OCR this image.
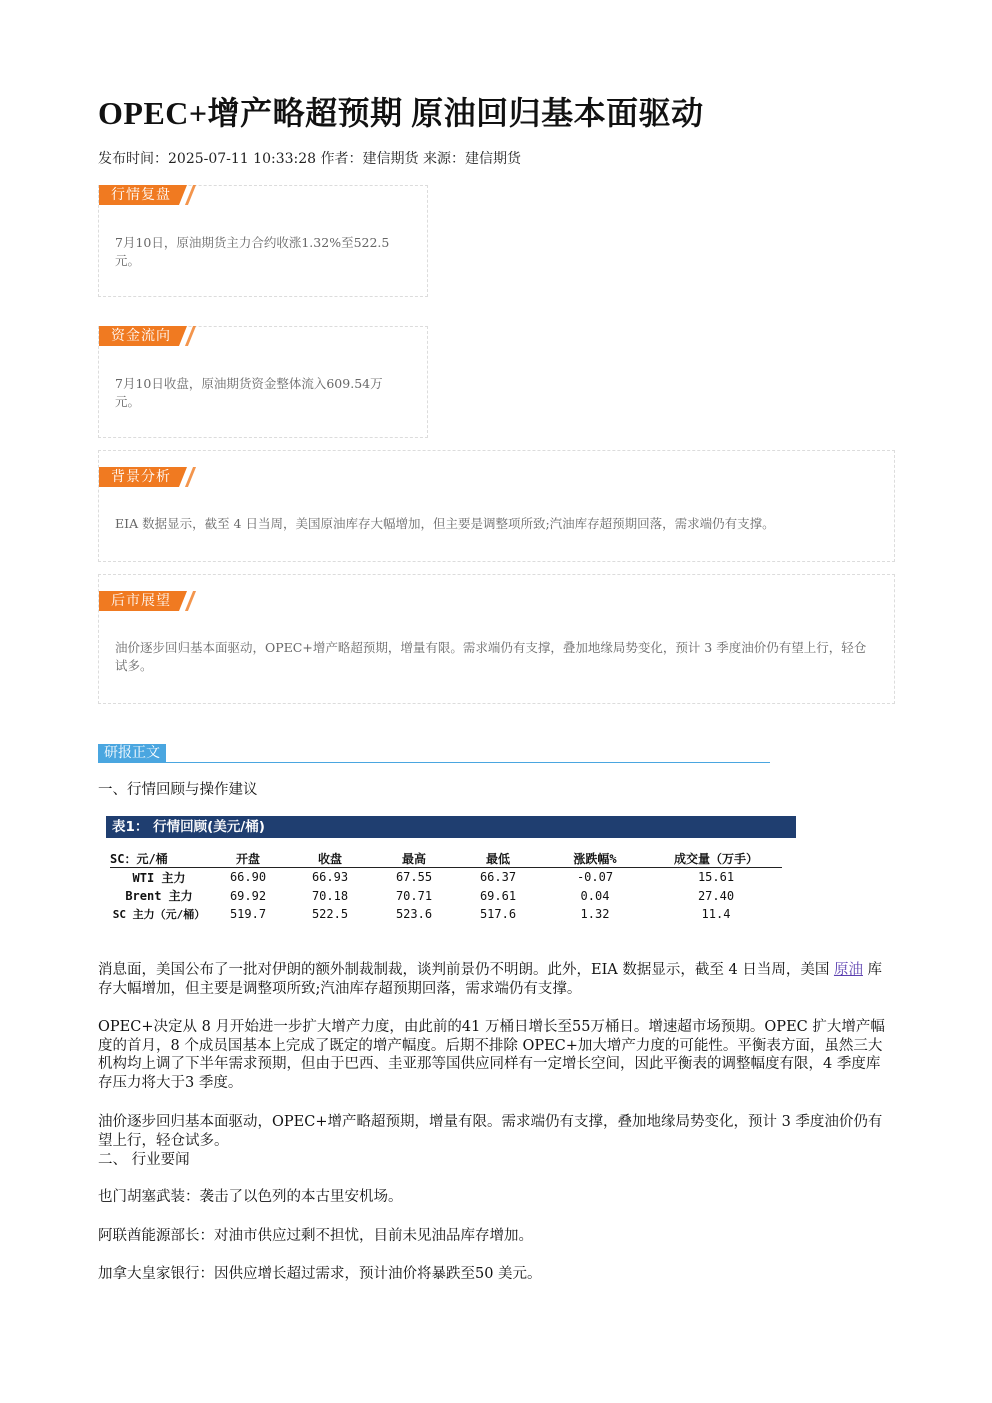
OPEC+增产略超预期 原油回归基本面驱动
发布时间：2025-07-11 10:33:28 作者：建信期货 来源：建信期货
行情复盘
7月10日，原油期货主力合约收涨1.32%至522.5元。
资金流向
7月10日收盘，原油期货资金整体流入609.54万元。
背景分析
EIA 数据显示，截至 4 日当周，美国原油库存大幅增加，但主要是调整项所致;汽油库存超预期回落，需求端仍有支撑。
后市展望
油价逐步回归基本面驱动，OPEC+增产略超预期，增量有限。需求端仍有支撑，叠加地缘局势变化，预计 3 季度油价仍有望上行，轻仓试多。
研报正文
一、行情回顾与操作建议
表1： 行情回顾(美元/桶)
SC：元/桶	开盘	收盘	最高	最低	涨跌幅%	成交量（万手）
WTI 主力	66.90	66.93	67.55	66.37	-0.07	15.61
Brent 主力	69.92	70.18	70.71	69.61	0.04	27.40
SC 主力（元/桶）	519.7	522.5	523.6	517.6	1.32	11.4
消息面，美国公布了一批对伊朗的额外制裁制裁，谈判前景仍不明朗。此外，EIA 数据显示，截至 4 日当周，美国 原油 库存大幅增加，但主要是调整项所致;汽油库存超预期回落，需求端仍有支撑。
OPEC+决定从 8 月开始进一步扩大增产力度，由此前的41 万桶日增长至55万桶日。增速超市场预期。OPEC 扩大增产幅度的首月，8 个成员国基本上完成了既定的增产幅度。后期不排除 OPEC+加大增产力度的可能性。平衡表方面，虽然三大机构均上调了下半年需求预期，但由于巴西、圭亚那等国供应同样有一定增长空间，因此平衡表的调整幅度有限，4 季度库存压力将大于3 季度。
油价逐步回归基本面驱动，OPEC+增产略超预期，增量有限。需求端仍有支撑，叠加地缘局势变化，预计 3 季度油价仍有望上行，轻仓试多。
二、 行业要闻
也门胡塞武装：袭击了以色列的本古里安机场。
阿联酋能源部长：对油市供应过剩不担忧，目前未见油品库存增加。
加拿大皇家银行：因供应增长超过需求，预计油价将暴跌至50 美元。
